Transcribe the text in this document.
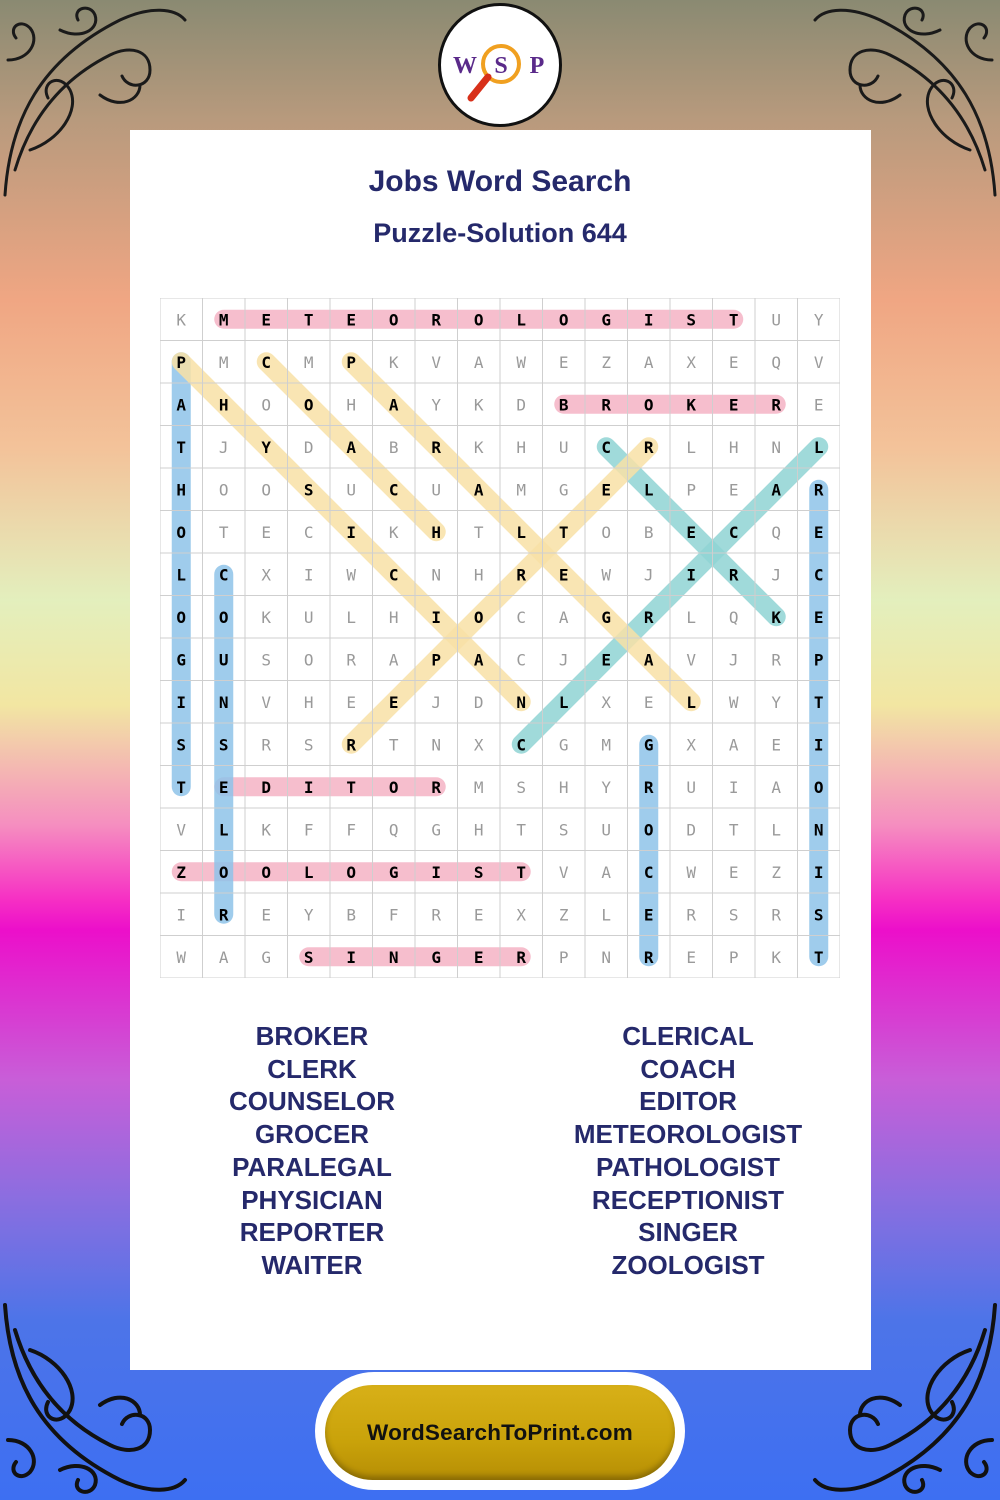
W S P
Jobs Word Search
Puzzle-Solution 644
K M E T E O R O L O G I S T U Y
P M C M P K V A W E Z A X E Q V
A H O O H A Y K D B R O K E R E
T J Y D A B R K H U C R L H N L
H O O S U C U A M G E L P E A R
O T E C I K H T L T O B E C Q E
L C X I W C N H R E W J I R J C
O O K U L H I O C A G R L Q K E
G U S O R A P A C J E A V J R P
I N V H E E J D N L X E L W Y T
S S R S R T N X C G M G X A E I
T E D I T O R M S H Y R U I A O
V L K F F Q G H T S U O D T L N
Z O O L O G I S T V A C W E Z I
I R E Y B F R E X Z L E R S R S
W A G S I N G E R P N R E P K T
BROKER
CLERK
COUNSELOR
GROCER
PARALEGAL
PHYSICIAN
REPORTER
WAITER
CLERICAL
COACH
EDITOR
METEOROLOGIST
PATHOLOGIST
RECEPTIONIST
SINGER
ZOOLOGIST
WordSearchToPrint.com
